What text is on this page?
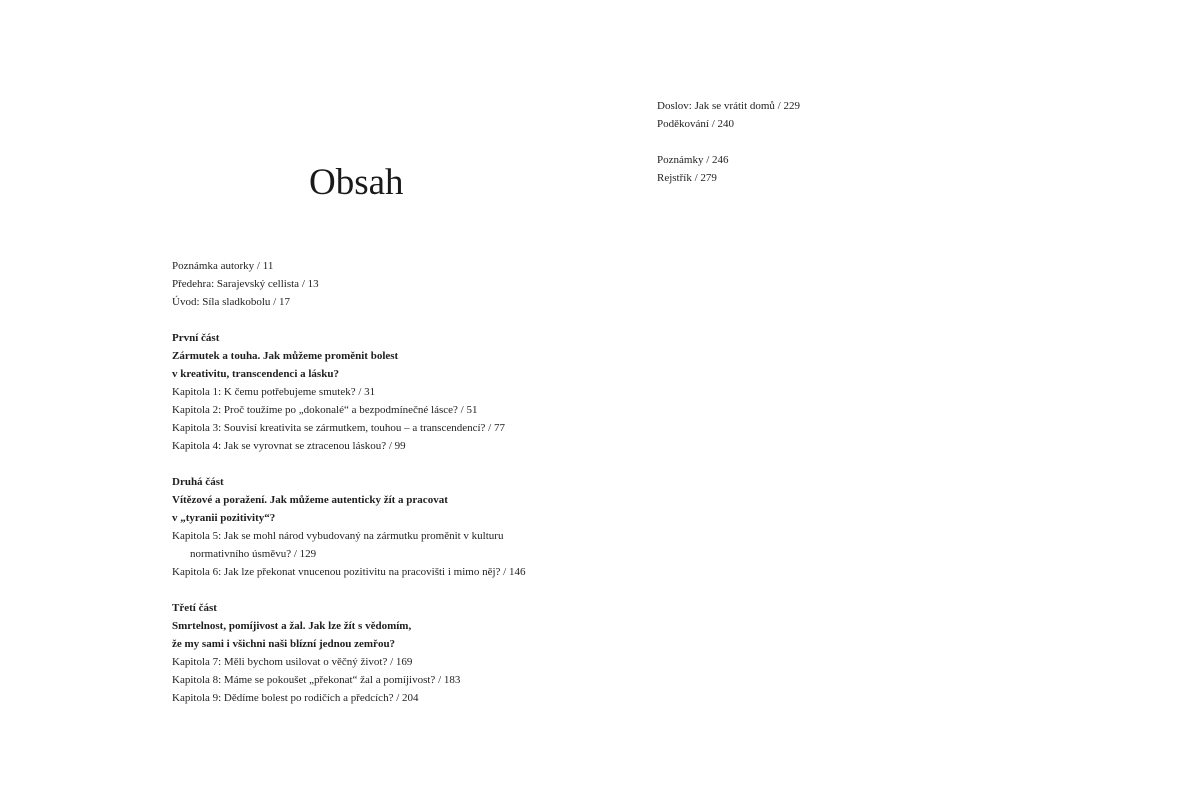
Obsah
Poznámka autorky / 11
Předehra: Sarajevský cellista / 13
Úvod: Síla sladkobolu / 17
První část
Zármutek a touha. Jak můžeme proměnit bolest
v kreativitu, transcendenci a lásku?
Kapitola 1: K čemu potřebujeme smutek? / 31
Kapitola 2: Proč toužíme po „dokonalé“ a bezpodmínečné lásce? / 51
Kapitola 3: Souvisí kreativita se zármutkem, touhou – a transcendencí? / 77
Kapitola 4: Jak se vyrovnat se ztracenou láskou? / 99
Druhá část
Vítězové a poražení. Jak můžeme autenticky žít a pracovat
v „tyranii pozitivity“?
Kapitola 5: Jak se mohl národ vybudovaný na zármutku proměnit v kulturu
normativního úsměvu? / 129
Kapitola 6: Jak lze překonat vnucenou pozitivitu na pracovišti i mimo něj? / 146
Třetí část
Smrtelnost, pomíjivost a žal. Jak lze žít s vědomím,
že my sami i všichni naši blízní jednou zemřou?
Kapitola 7: Měli bychom usilovat o věčný život? / 169
Kapitola 8: Máme se pokoušet „překonat“ žal a pomíjivost? / 183
Kapitola 9: Dědíme bolest po rodičích a předcích? / 204
Doslov: Jak se vrátit domů / 229
Poděkování / 240
Poznámky / 246
Rejstřík / 279
